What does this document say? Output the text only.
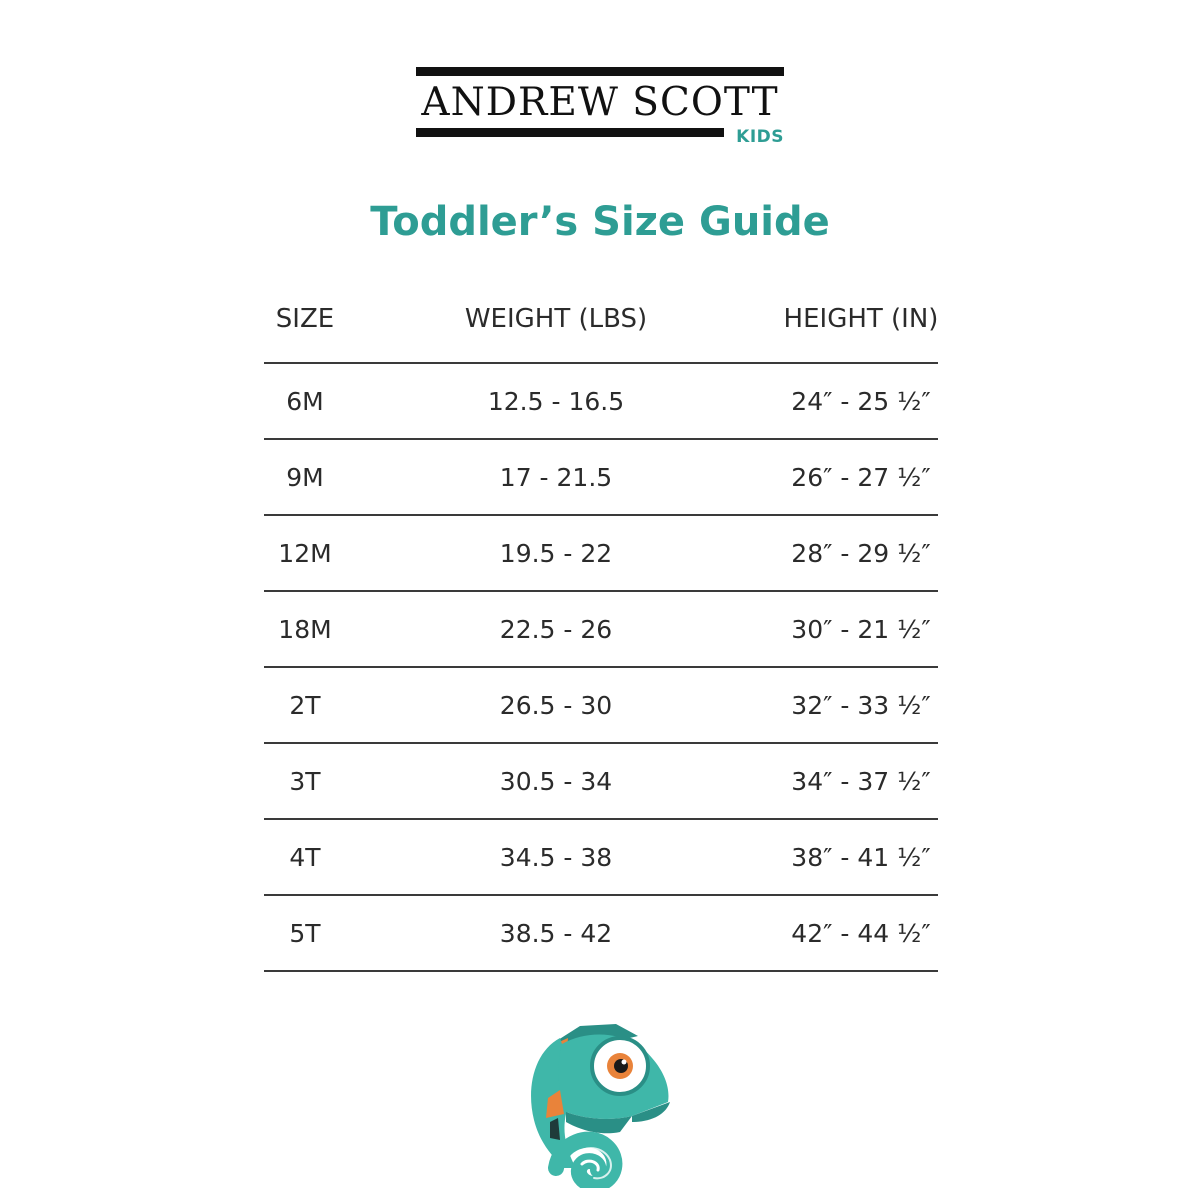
ANDREW SCOTT
KIDS
Toddler’s Size Guide
SIZE	WEIGHT (LBS)	HEIGHT (IN)
6M	12.5 - 16.5	24″ - 25 ½″
9M	17 - 21.5	26″ - 27 ½″
12M	19.5 - 22	28″ - 29 ½″
18M	22.5 - 26	30″ - 21 ½″
2T	26.5 - 30	32″ - 33 ½″
3T	30.5 - 34	34″ - 37 ½″
4T	34.5 - 38	38″ - 41 ½″
5T	38.5 - 42	42″ - 44 ½″
